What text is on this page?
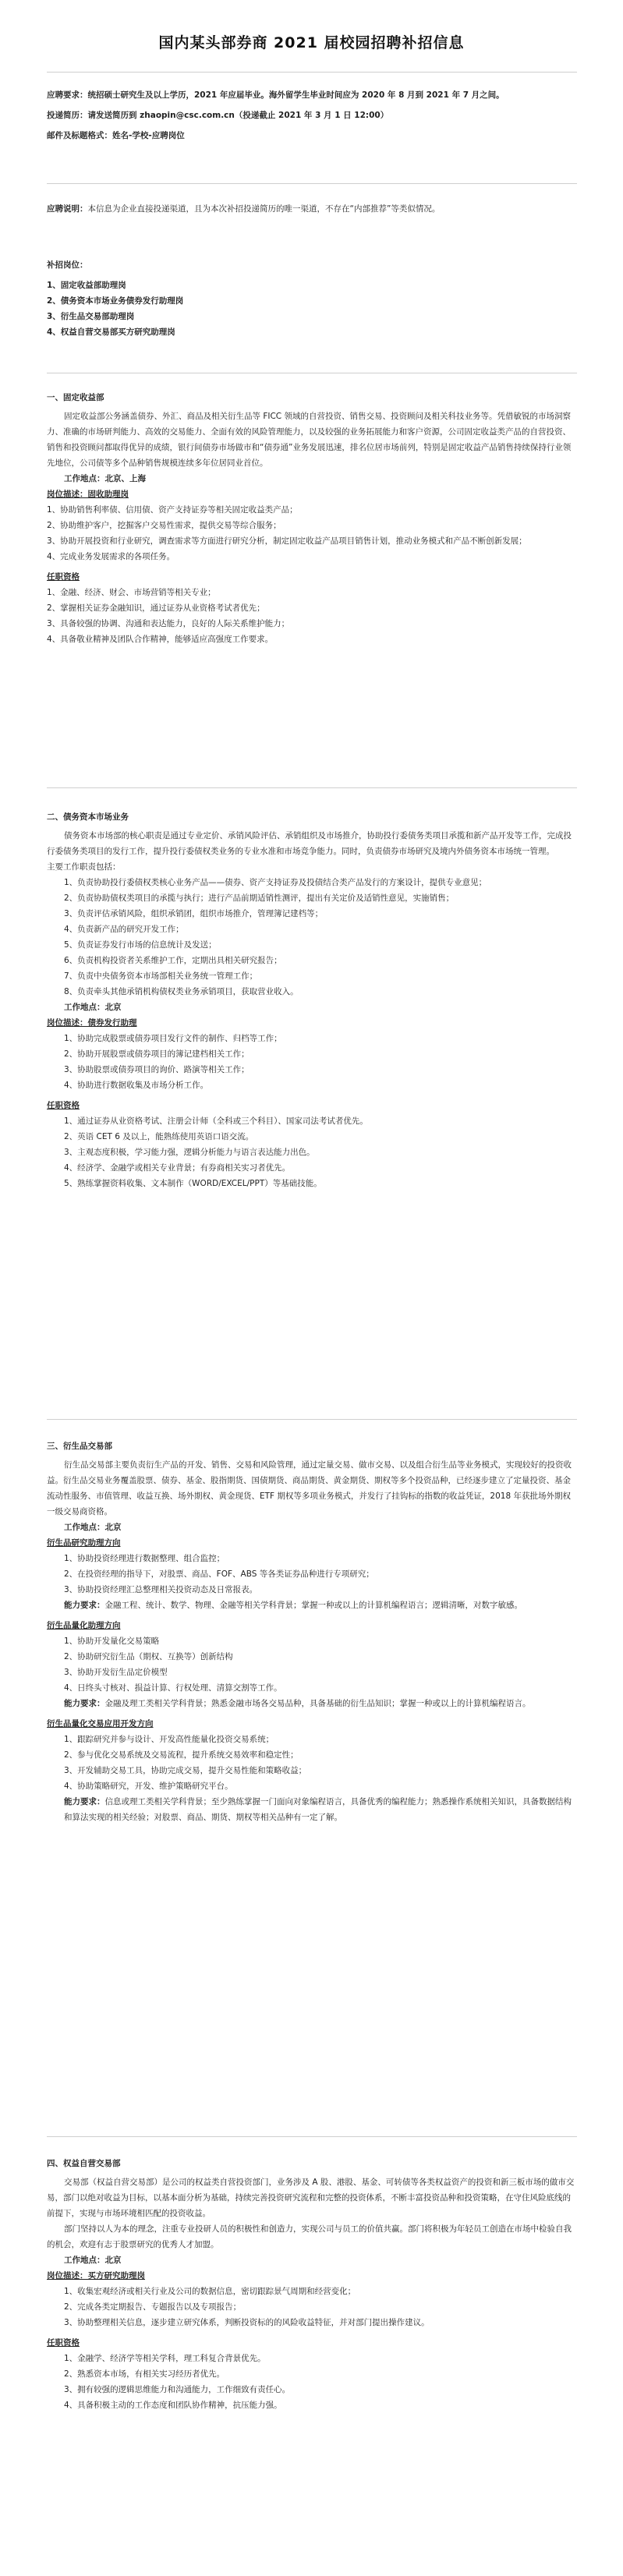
国内某头部券商 2021 届校园招聘补招信息

应聘要求：统招硕士研究生及以上学历，2021 年应届毕业。海外留学生毕业时间应为 2020 年 8 月到 2021 年 7 月之间。

投递简历：请发送简历到 zhaopin@csc.com.cn（投递截止 2021 年 3 月 1 日 12:00）

邮件及标题格式：姓名-学校-应聘岗位

应聘说明：本信息为企业直接投递渠道，且为本次补招投递简历的唯一渠道，不存在“内部推荐”等类似情况。

补招岗位：

1、固定收益部助理岗

2、债务资本市场业务债券发行助理岗

3、衍生品交易部助理岗

4、权益自营交易部买方研究助理岗

一、固定收益部

固定收益部公务涵盖债券、外汇、商品及相关衍生品等 FICC 领域的自营投资、销售交易、投资顾问及相关科技业务等。凭借敏锐的市场洞察力、准确的市场研判能力、高效的交易能力、全面有效的风险管理能力，以及较强的业务拓展能力和客户资源，公司固定收益类产品的自营投资、销售和投资顾问都取得优异的成绩，银行间债券市场做市和“债券通”业务发展迅速，排名位居市场前列，特别是固定收益产品销售持续保持行业领先地位，公司债等多个品种销售规模连续多年位居同业首位。

工作地点：北京、上海

岗位描述：固收助理岗

1、协助销售利率债、信用债、资产支持证券等相关固定收益类产品；

2、协助维护客户，挖掘客户交易性需求，提供交易等综合服务；

3、协助开展投资和行业研究，调查需求等方面进行研究分析，制定固定收益产品项目销售计划，推动业务模式和产品不断创新发展；

4、完成业务发展需求的各项任务。

任职资格

1、金融、经济、财会、市场营销等相关专业；

2、掌握相关证券金融知识，通过证券从业资格考试者优先；

3、具备较强的协调、沟通和表达能力，良好的人际关系维护能力；

4、具备敬业精神及团队合作精神，能够适应高强度工作要求。

二、债务资本市场业务

债务资本市场部的核心职责是通过专业定价、承销风险评估、承销组织及市场推介，协助投行委债务类项目承揽和新产品开发等工作，完成投行委债务类项目的发行工作，提升投行委债权类业务的专业水准和市场竞争能力。同时，负责债券市场研究及境内外债务资本市场统一管理。

主要工作职责包括：

1、负责协助投行委债权类核心业务产品——债券、资产支持证券及投债结合类产品发行的方案设计，提供专业意见；

2、负责协助债权类项目的承揽与执行；进行产品前期适销性测评，提出有关定价及适销性意见，实施销售；

3、负责评估承销风险，组织承销团，组织市场推介，管理簿记建档等；

4、负责新产品的研究开发工作；

5、负责证券发行市场的信息统计及发送；

6、负责机构投资者关系维护工作，定期出具相关研究报告；

7、负责中央债务资本市场部相关业务统一管理工作；

8、负责牵头其他承销机构债权类业务承销项目，获取营业收入。

工作地点：北京

岗位描述：债券发行助理

1、协助完成股票或债券项目发行文件的制作、归档等工作；

2、协助开展股票或债券项目的簿记建档相关工作；

3、协助股票或债券项目的询价、路演等相关工作；

4、协助进行数据收集及市场分析工作。

任职资格

1、通过证券从业资格考试、注册会计师（全科或三个科目）、国家司法考试者优先。

2、英语 CET 6 及以上，能熟练使用英语口语交流。

3、主观态度积极，学习能力强，逻辑分析能力与语言表达能力出色。

4、经济学、金融学或相关专业背景；有券商相关实习者优先。

5、熟练掌握资料收集、文本制作（WORD/EXCEL/PPT）等基础技能。

三、衍生品交易部

衍生品交易部主要负责衍生产品的开发、销售、交易和风险管理，通过定量交易、做市交易、以及组合衍生品等业务模式，实现较好的投资收益。衍生品交易业务覆盖股票、债券、基金、股指期货、国债期货、商品期货、黄金期货、期权等多个投资品种，已经逐步建立了定量投资、基金流动性服务、市值管理、收益互换、场外期权、黄金现货、ETF 期权等多项业务模式，并发行了挂钩标的指数的收益凭证，2018 年获批场外期权一级交易商资格。

工作地点：北京

衍生品研究助理方向

1、协助投资经理进行数据整理、组合监控；

2、在投资经理的指导下，对股票、商品、FOF、ABS 等各类证券品种进行专项研究；

3、协助投资经理汇总整理相关投资动态及日常报表。

能力要求：金融工程、统计、数学、物理、金融等相关学科背景；掌握一种或以上的计算机编程语言；逻辑清晰，对数字敏感。

衍生品量化助理方向

1、协助开发量化交易策略

2、协助研究衍生品（期权、互换等）创新结构

3、协助开发衍生品定价模型

4、日终头寸核对、损益计算、行权处理、清算交割等工作。

能力要求：金融及理工类相关学科背景；熟悉金融市场各交易品种，具备基础的衍生品知识；掌握一种或以上的计算机编程语言。

衍生品量化交易应用开发方向

1、跟踪研究并参与设计、开发高性能量化投资交易系统；

2、参与优化交易系统及交易流程，提升系统交易效率和稳定性；

3、开发辅助交易工具，协助完成交易，提升交易性能和策略收益；

4、协助策略研究，开发、维护策略研究平台。

能力要求：信息或理工类相关学科背景；至少熟练掌握一门面向对象编程语言，具备优秀的编程能力；熟悉操作系统相关知识，具备数据结构和算法实现的相关经验；对股票、商品、期货、期权等相关品种有一定了解。

四、权益自营交易部

交易部（权益自营交易部）是公司的权益类自营投资部门，业务涉及 A 股、港股、基金、可转债等各类权益资产的投资和新三板市场的做市交易，部门以绝对收益为目标，以基本面分析为基础，持续完善投资研究流程和完整的投资体系，不断丰富投资品种和投资策略，在守住风险底线的前提下，实现与市场环境相匹配的投资收益。

部门坚持以人为本的理念，注重专业投研人员的积极性和创造力，实现公司与员工的价值共赢。部门将积极为年轻员工创造在市场中检验自我的机会，欢迎有志于股票研究的优秀人才加盟。

工作地点：北京

岗位描述：买方研究助理岗

1、收集宏观经济或相关行业及公司的数据信息，密切跟踪景气周期和经营变化；

2、完成各类定期报告、专题报告以及专项报告；

3、协助整理相关信息，逐步建立研究体系，判断投资标的的风险收益特征，并对部门提出操作建议。

任职资格

1、金融学、经济学等相关学科，理工科复合背景优先。

2、熟悉资本市场，有相关实习经历者优先。

3、拥有较强的逻辑思维能力和沟通能力，工作细致有责任心。

4、具备积极主动的工作态度和团队协作精神，抗压能力强。
